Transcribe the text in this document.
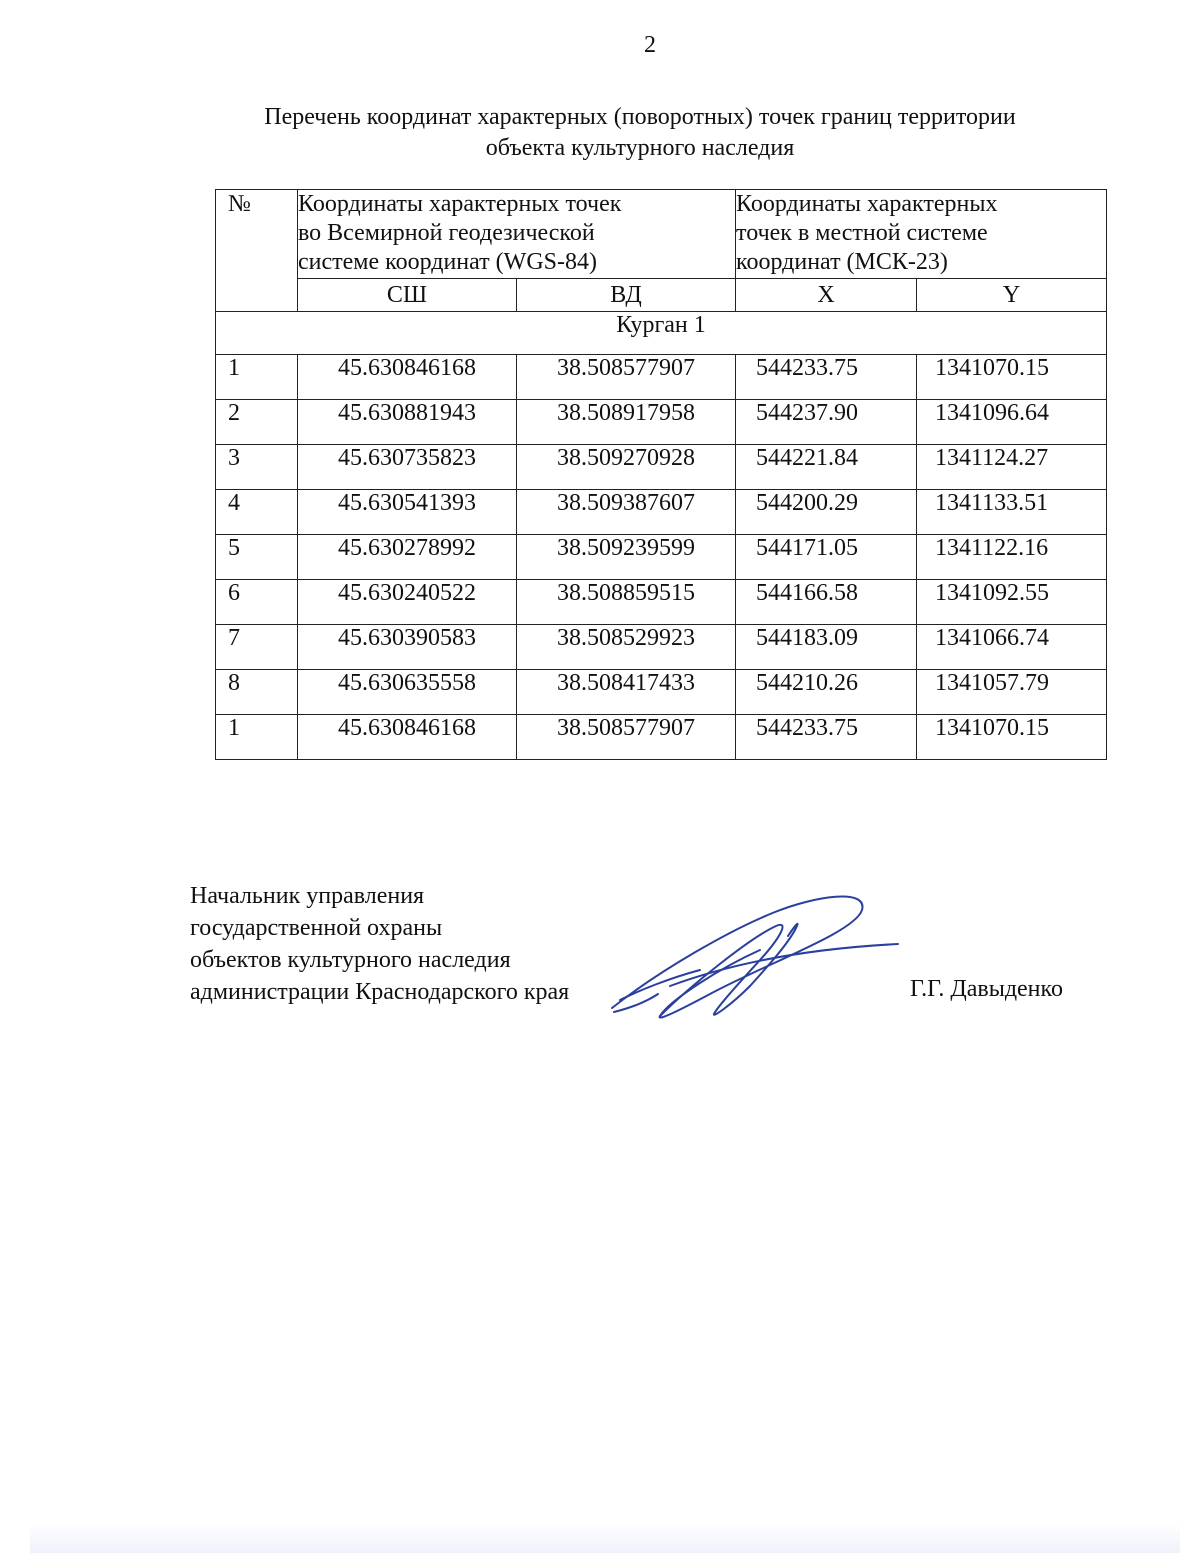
2
Перечень координат характерных (поворотных) точек границ территории
объекта культурного наследия
№	Координаты характерных точек
во Всемирной геодезической
системе координат (WGS-84)		Координаты характерных
точек в местной системе
координат (МСК-23)	

	СШ	ВД	X	Y
Курган 1				
1	45.630846168	38.508577907	544233.75	1341070.15
2	45.630881943	38.508917958	544237.90	1341096.64
3	45.630735823	38.509270928	544221.84	1341124.27
4	45.630541393	38.509387607	544200.29	1341133.51
5	45.630278992	38.509239599	544171.05	1341122.16
6	45.630240522	38.508859515	544166.58	1341092.55
7	45.630390583	38.508529923	544183.09	1341066.74
8	45.630635558	38.508417433	544210.26	1341057.79
1	45.630846168	38.508577907	544233.75	1341070.15
Начальник управления
государственной охраны
объектов культурного наследия
администрации Краснодарского края	Г.Г. Давыденко
